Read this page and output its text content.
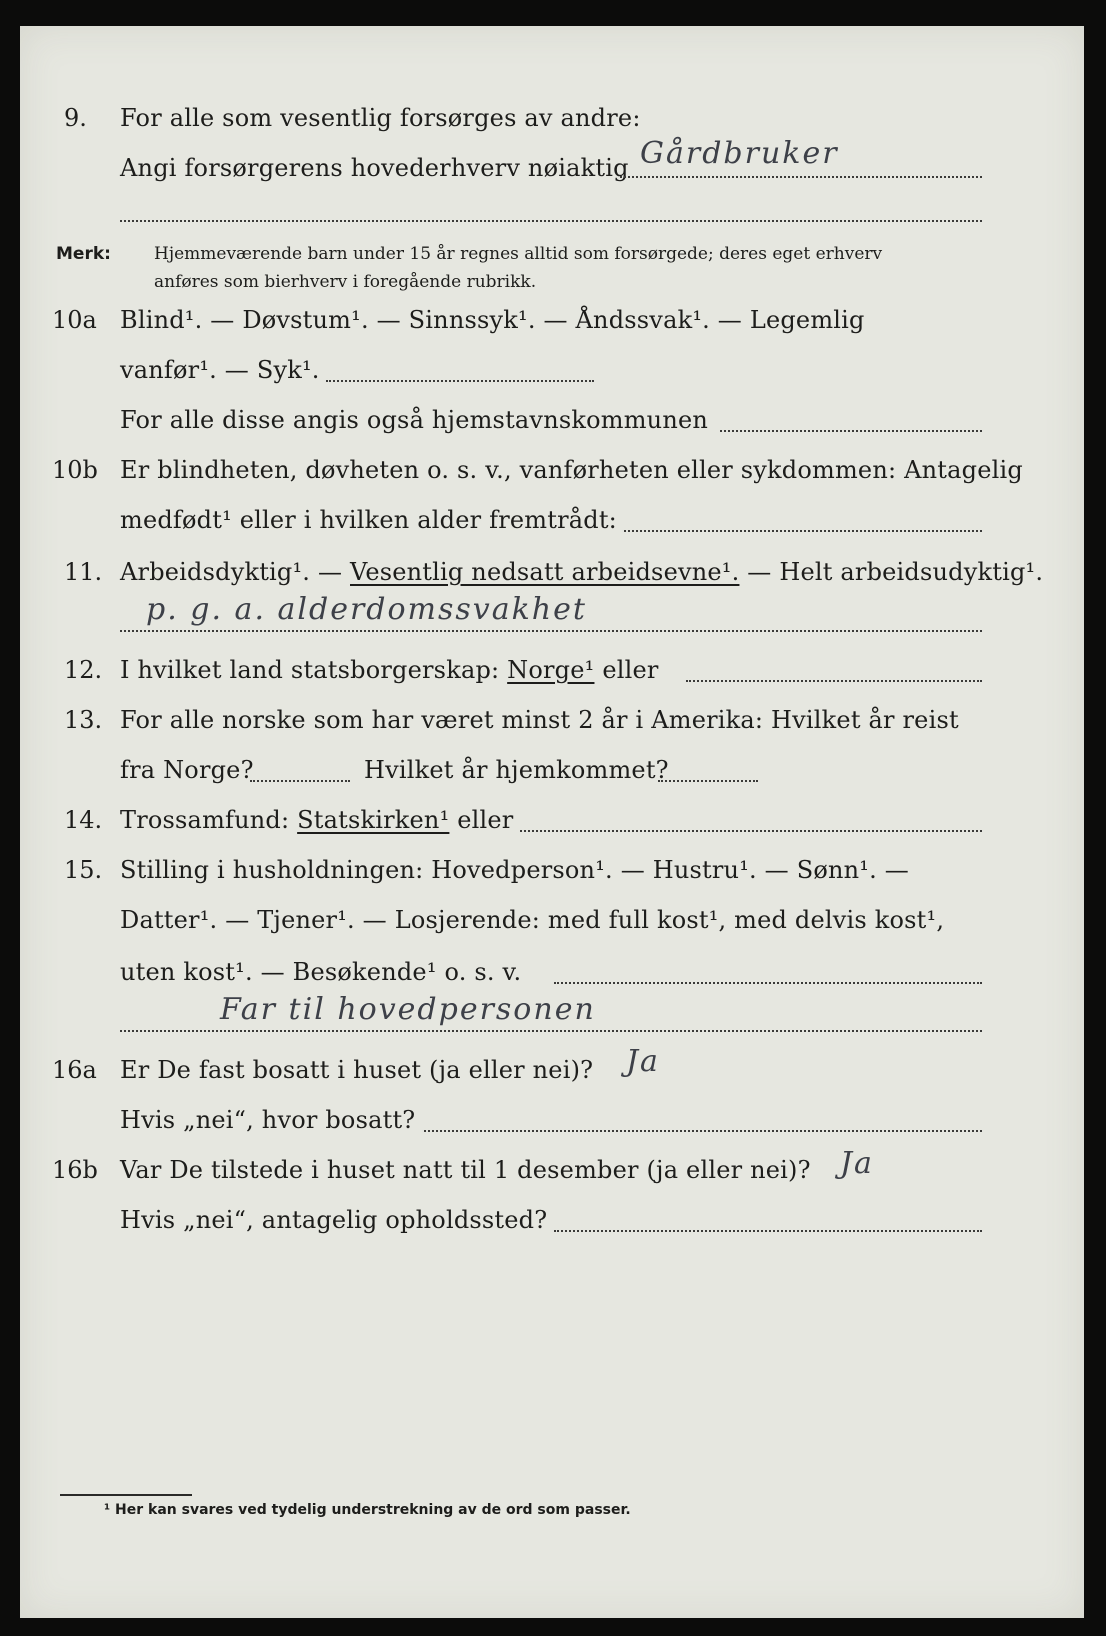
9. For alle som vesentlig forsørges av andre:
Angi forsørgerens hovederhverv nøiaktig Gårdbruker
Merk:	Hjemmeværende barn under 15 år regnes alltid som forsørgede; deres eget erhverv
anføres som bierhverv i foregående rubrikk.
10a Blind¹. — Døvstum¹. — Sinnssyk¹. — Åndssvak¹. — Legemlig
vanfør¹. — Syk¹.
For alle disse angis også hjemstavnskommunen
10b Er blindheten, døvheten o. s. v., vanførheten eller sykdommen: Antagelig
medfødt¹ eller i hvilken alder fremtrådt:
11. Arbeidsdyktig¹. — Vesentlig nedsatt arbeidsevne¹. — Helt arbeidsudyktig¹.
p. g. a. alderdomssvakhet
12. I hvilket land statsborgerskap: Norge¹ eller
13. For alle norske som har været minst 2 år i Amerika: Hvilket år reist
fra Norge?	Hvilket år hjemkommet?
14. Trossamfund: Statskirken¹ eller
15. Stilling i husholdningen: Hovedperson¹. — Hustru¹. — Sønn¹. —
Datter¹. — Tjener¹. — Losjerende: med full kost¹, med delvis kost¹,
uten kost¹. — Besøkende¹ o. s. v.
Far til hovedpersonen
16a Er De fast bosatt i huset (ja eller nei)? Ja
Hvis „nei“, hvor bosatt?
16b Var De tilstede i huset natt til 1 desember (ja eller nei)? Ja
Hvis „nei“, antagelig opholdssted?
¹ Her kan svares ved tydelig understrekning av de ord som passer.
